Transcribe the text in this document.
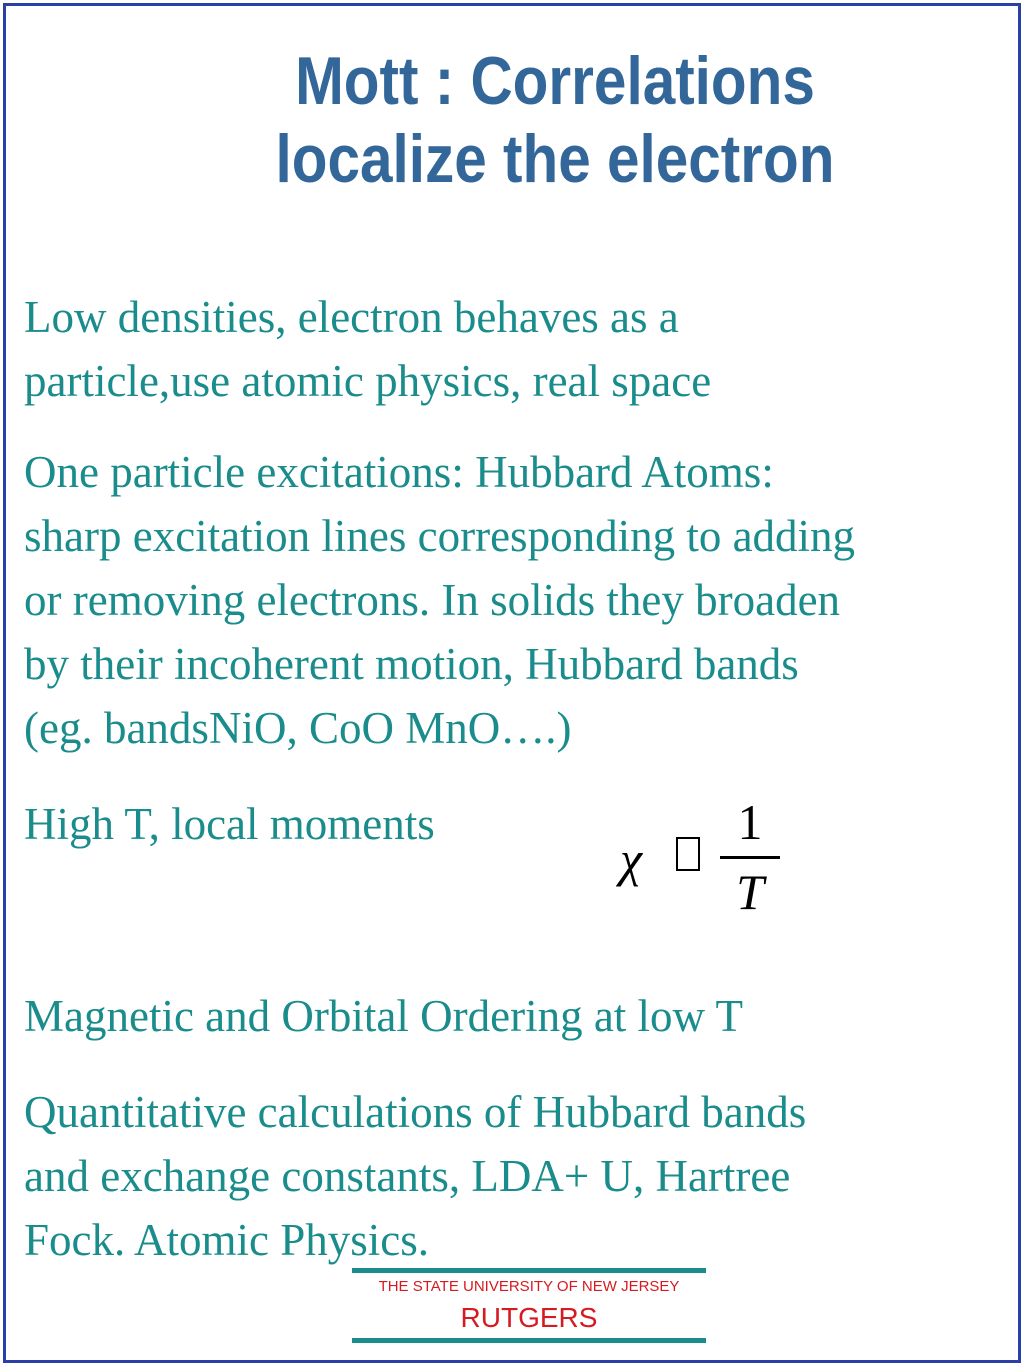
Mott : Correlations
localize the electron
Low densities, electron behaves as a
particle,use atomic physics, real space
One particle excitations: Hubbard Atoms:
sharp excitation lines corresponding to adding
or removing electrons. In solids they broaden
by their incoherent motion, Hubbard bands
(eg. bandsNiO, CoO MnO….)
High T, local moments
χ
1
T
Magnetic and Orbital Ordering at low T
Quantitative calculations of Hubbard bands
and exchange constants, LDA+ U, Hartree
Fock. Atomic Physics.
THE STATE UNIVERSITY OF NEW JERSEY
RUTGERS
